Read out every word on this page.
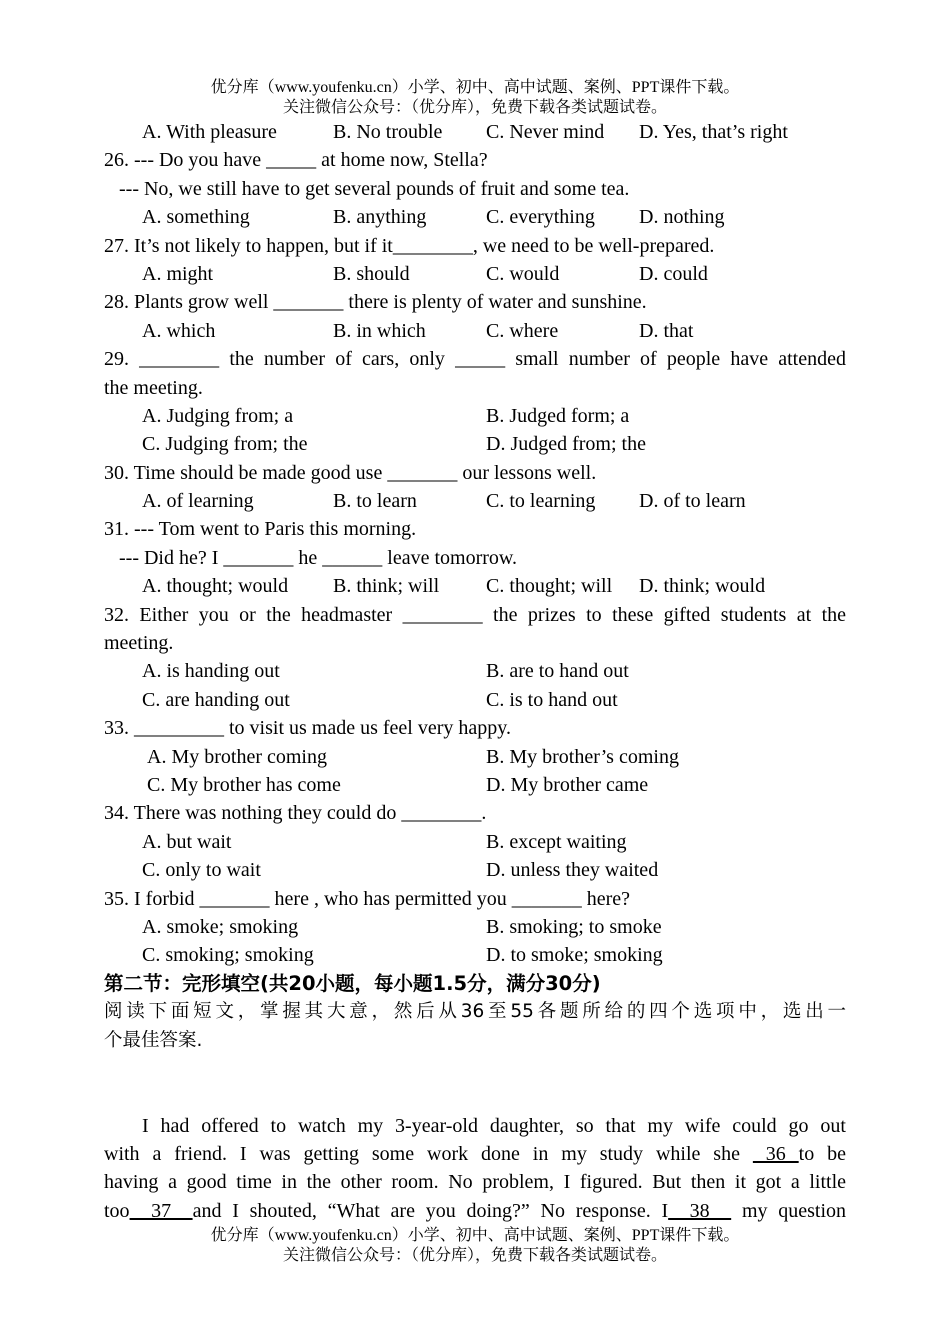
优分库（www.youfenku.cn）小学、初中、高中试题、案例、PPT课件下载。
关注微信公众号：（优分库），免费下载各类试题试卷。
A. With pleasure	B. No trouble C. Never mind D. Yes, that’s right
26. --- Do you have _____ at home now, Stella?
--- No, we still have to get several pounds of fruit and some tea.
A. something	B. anything	C. everything D. nothing
27. It’s not likely to happen, but if it________, we need to be well-prepared.
A. might	B. should	C. would	D. could
28. Plants grow well _______ there is plenty of water and sunshine.
A. which	B. in which	C. where	D. that
29. ________ the number of cars, only _____ small number of people have attended
the meeting.
A. Judging from; a	B. Judged form; a
C. Judging from; the	D. Judged from; the
30. Time should be made good use _______ our lessons well.
A. of learning	B. to learn	C. to learning D. of to learn
31. --- Tom went to Paris this morning.
--- Did he? I _______ he ______ leave tomorrow.
A. thought; would B. think; will C. thought; will D. think; would
32. Either you or the headmaster ________ the prizes to these gifted students at the
meeting.
A. is handing out	B. are to hand out
C. are handing out	C. is to hand out
33. _________ to visit us made us feel very happy.
A. My brother coming	B. My brother’s coming
C. My brother has come	D. My brother came
34. There was nothing they could do ________.
A. but wait	B. except waiting
C. only to wait	D. unless they waited
35. I forbid _______ here , who has permitted you _______ here?
A. smoke; smoking	B. smoking; to smoke
C. smoking; smoking	D. to smoke; smoking
第二节：完形填空(共20小题，每小题1.5分，满分30分)
阅读下面短文，掌握其大意，然后从36至55各题所给的四个选项中，选出一
个最佳答案.
I had offered to watch my 3-year-old daughter, so that my wife could go out
with a friend. I was getting some work done in my study while she  36 to be
having a good time in the other room. No problem, I figured. But then it got a little
too  37  and I shouted, “What are you doing?” No response. I  38   my question
优分库（www.youfenku.cn）小学、初中、高中试题、案例、PPT课件下载。
关注微信公众号：（优分库），免费下载各类试题试卷。
